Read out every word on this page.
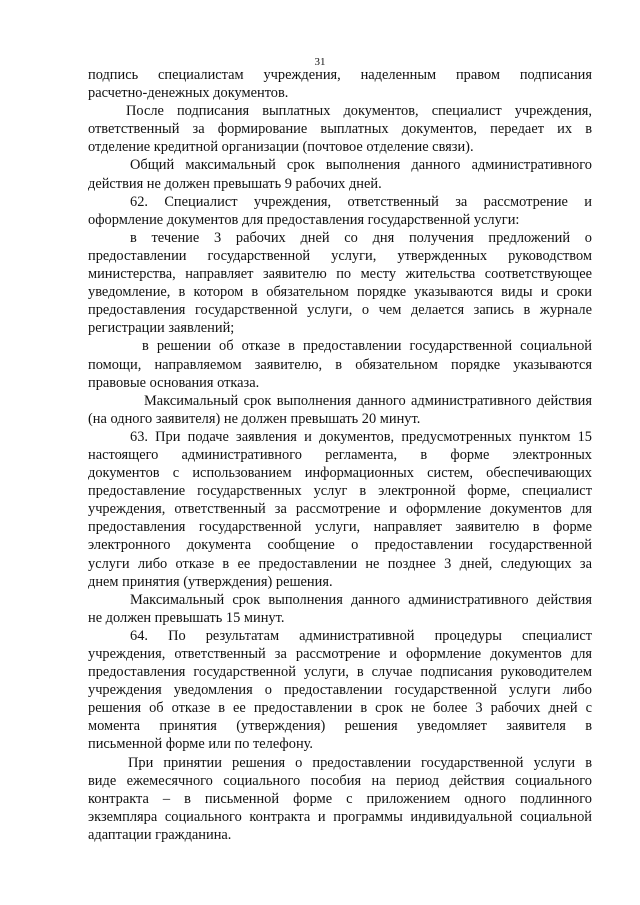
31
подпись специалистам учреждения, наделенным правом подписания
расчетно-денежных документов.
После подписания выплатных документов, специалист учреждения,
ответственный за формирование выплатных документов, передает их в
отделение кредитной организации (почтовое отделение связи).
Общий максимальный срок выполнения данного административного
действия не должен превышать 9 рабочих дней.
62. Специалист учреждения, ответственный за рассмотрение и
оформление документов для предоставления государственной услуги:
в течение 3 рабочих дней со дня получения предложений о
предоставлении государственной услуги, утвержденных руководством
министерства, направляет заявителю по месту жительства соответствующее
уведомление, в котором в обязательном порядке указываются виды и сроки
предоставления государственной услуги, о чем делается запись в журнале
регистрации заявлений;
в решении об отказе в предоставлении государственной социальной
помощи, направляемом заявителю, в обязательном порядке указываются
правовые основания отказа.
Максимальный срок выполнения данного административного действия
(на одного заявителя) не должен превышать 20 минут.
63. При подаче заявления и документов, предусмотренных пунктом 15
настоящего административного регламента, в форме электронных
документов с использованием информационных систем, обеспечивающих
предоставление государственных услуг в электронной форме, специалист
учреждения, ответственный за рассмотрение и оформление документов для
предоставления государственной услуги, направляет заявителю в форме
электронного документа сообщение о предоставлении государственной
услуги либо отказе в ее предоставлении не позднее 3 дней, следующих за
днем принятия (утверждения) решения.
Максимальный срок выполнения данного административного действия
не должен превышать 15 минут.
64. По результатам административной процедуры специалист
учреждения, ответственный за рассмотрение и оформление документов для
предоставления государственной услуги, в случае подписания руководителем
учреждения уведомления о предоставлении государственной услуги либо
решения об отказе в ее предоставлении в срок не более 3 рабочих дней с
момента принятия (утверждения) решения уведомляет заявителя в
письменной форме или по телефону.
При принятии решения о предоставлении государственной услуги в
виде ежемесячного социального пособия на период действия социального
контракта – в письменной форме с приложением одного подлинного
экземпляра социального контракта и программы индивидуальной социальной
адаптации гражданина.
